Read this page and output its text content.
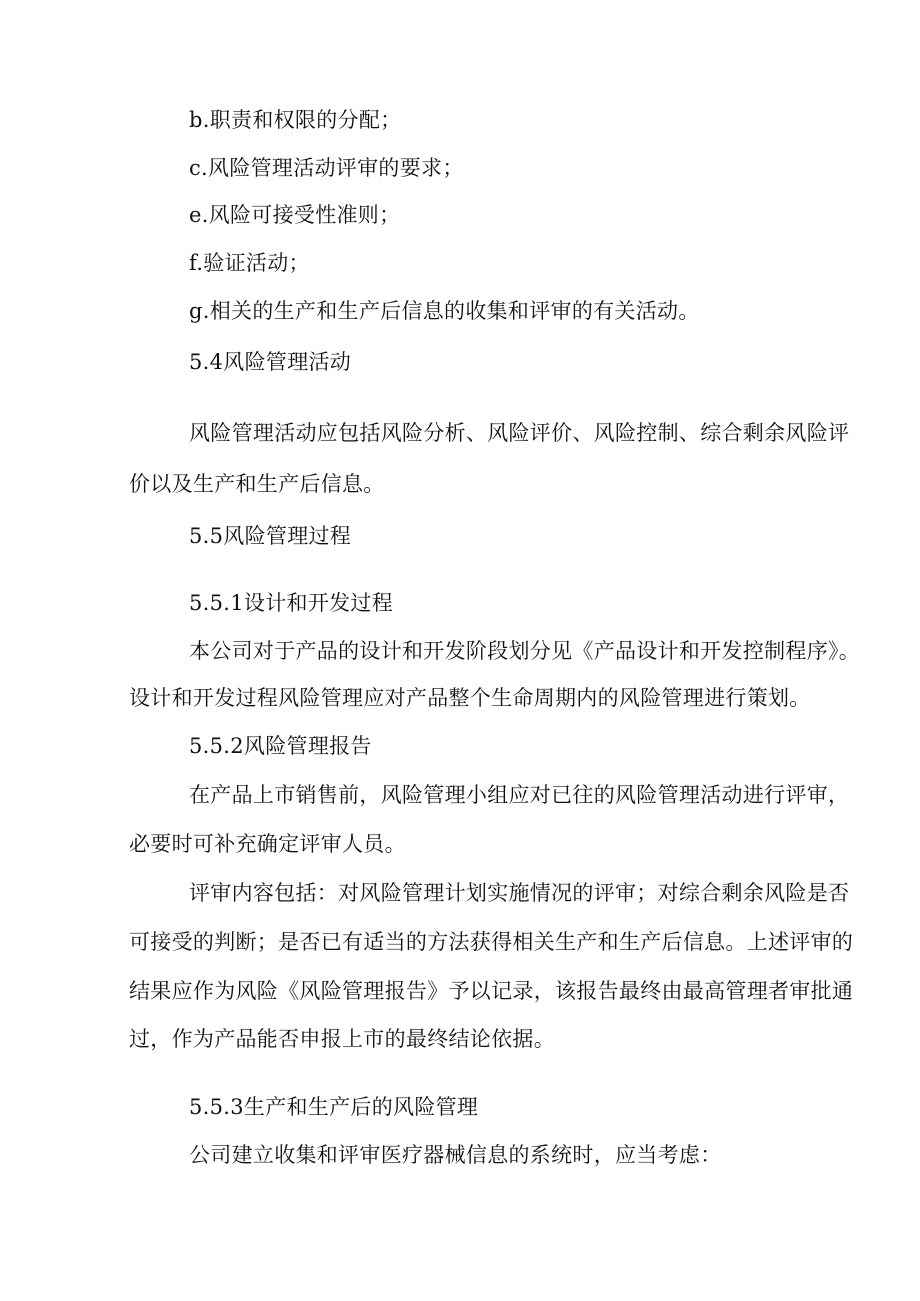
b.职责和权限的分配；
c.风险管理活动评审的要求；
e.风险可接受性准则；
f.验证活动；
g.相关的生产和生产后信息的收集和评审的有关活动。
5.4风险管理活动
风险管理活动应包括风险分析、风险评价、风险控制、综合剩余风险评
价以及生产和生产后信息。
5.5风险管理过程
5.5.1设计和开发过程
本公司对于产品的设计和开发阶段划分见《产品设计和开发控制程序》。
设计和开发过程风险管理应对产品整个生命周期内的风险管理进行策划。
5.5.2风险管理报告
在产品上市销售前，风险管理小组应对已往的风险管理活动进行评审，
必要时可补充确定评审人员。
评审内容包括：对风险管理计划实施情况的评审；对综合剩余风险是否
可接受的判断；是否已有适当的方法获得相关生产和生产后信息。上述评审的
结果应作为风险《风险管理报告》予以记录，该报告最终由最高管理者审批通
过，作为产品能否申报上市的最终结论依据。
5.5.3生产和生产后的风险管理
公司建立收集和评审医疗器械信息的系统时，应当考虑：
